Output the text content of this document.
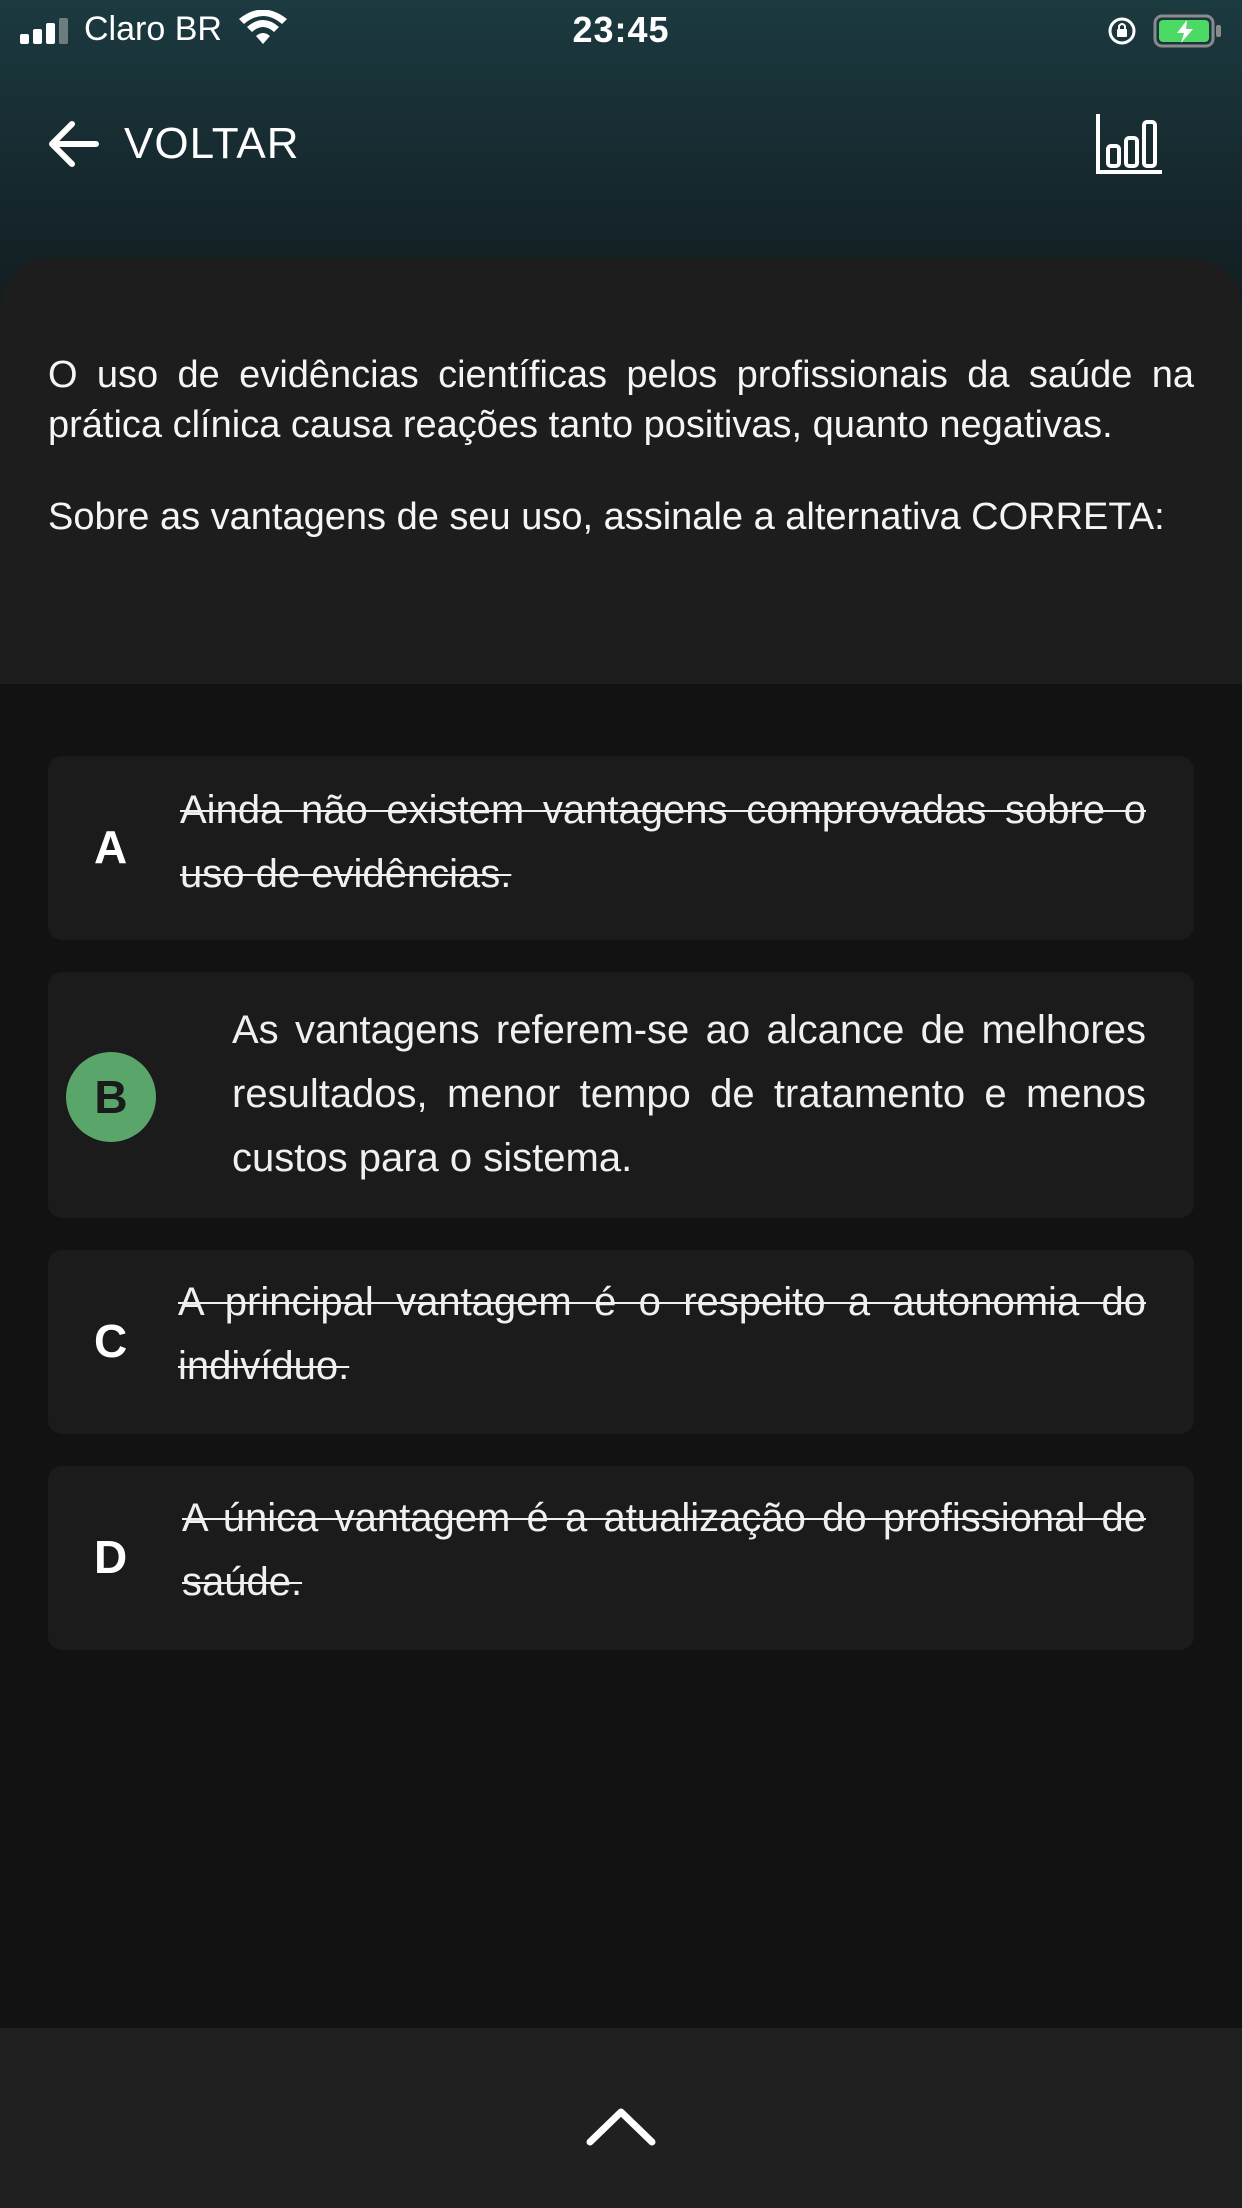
Claro BR	23:45
VOLTAR

O uso de evidências científicas pelos profissionais da saúde na prática clínica causa reações tanto positivas, quanto negativas.

Sobre as vantagens de seu uso, assinale a alternativa CORRETA:

A
Ainda não existem vantagens comprovadas sobre o uso de evidências.
B
As vantagens referem-se ao alcance de melhores resultados, menor tempo de tratamento e menos custos para o sistema.
C
A principal vantagem é o respeito a autonomia do indivíduo.
D
A única vantagem é a atualização do profissional de saúde.
